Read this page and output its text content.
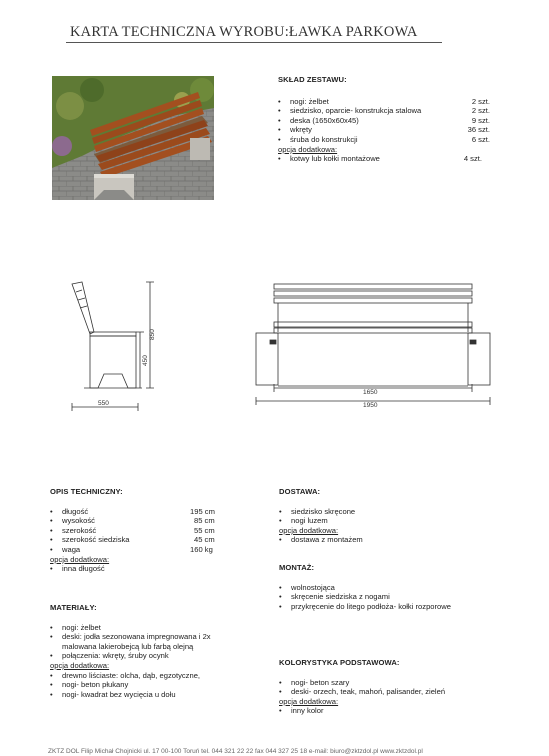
KARTA TECHNICZNA WYROBU:ŁAWKA PARKOWA
SKŁAD ZESTAWU:
• nogi: żelbet	2 szt.
• siedzisko, oparcie- konstrukcja stalowa	2 szt.
• deska (1650x60x45)	9 szt.
• wkręty	36 szt.
• śruba do konstrukcji	6 szt.
opcja dodatkowa:
• kotwy lub kołki montażowe	4 szt.
850
450
550
1650
1950
OPIS TECHNICZNY:
• długość	195 cm
• wysokość	85 cm
• szerokość	55 cm
• szerokość siedziska	45 cm
• waga	160 kg
opcja dodatkowa:
• inna długość
DOSTAWA:
• siedzisko skręcone
• nogi luzem
opcja dodatkowa:
• dostawa z montażem
MONTAŻ:
• wolnostojąca
• skręcenie siedziska z nogami
• przykręcenie do litego podłoża- kołki rozporowe
MATERIAŁY:
• nogi: żelbet
• deski: jodła sezonowana impregnowana i 2x malowana lakierobejcą lub farbą olejną
• połączenia: wkręty, śruby ocynk
opcja dodatkowa:
• drewno liściaste: olcha, dąb, egzotyczne,
• nogi- beton płukany
• nogi- kwadrat bez wycięcia u dołu
KOLORYSTYKA PODSTAWOWA:
• nogi- beton szary
• deski- orzech, teak, mahoń, palisander, zieleń
opcja dodatkowa:
• inny kolor
ZKTZ DOL Filip Michał Chojnicki ul. 17 00-100 Toruń tel. 044 321 22 22 fax 044 327 25 18 e-mail: biuro@zktzdol.pl www.zktzdol.pl
